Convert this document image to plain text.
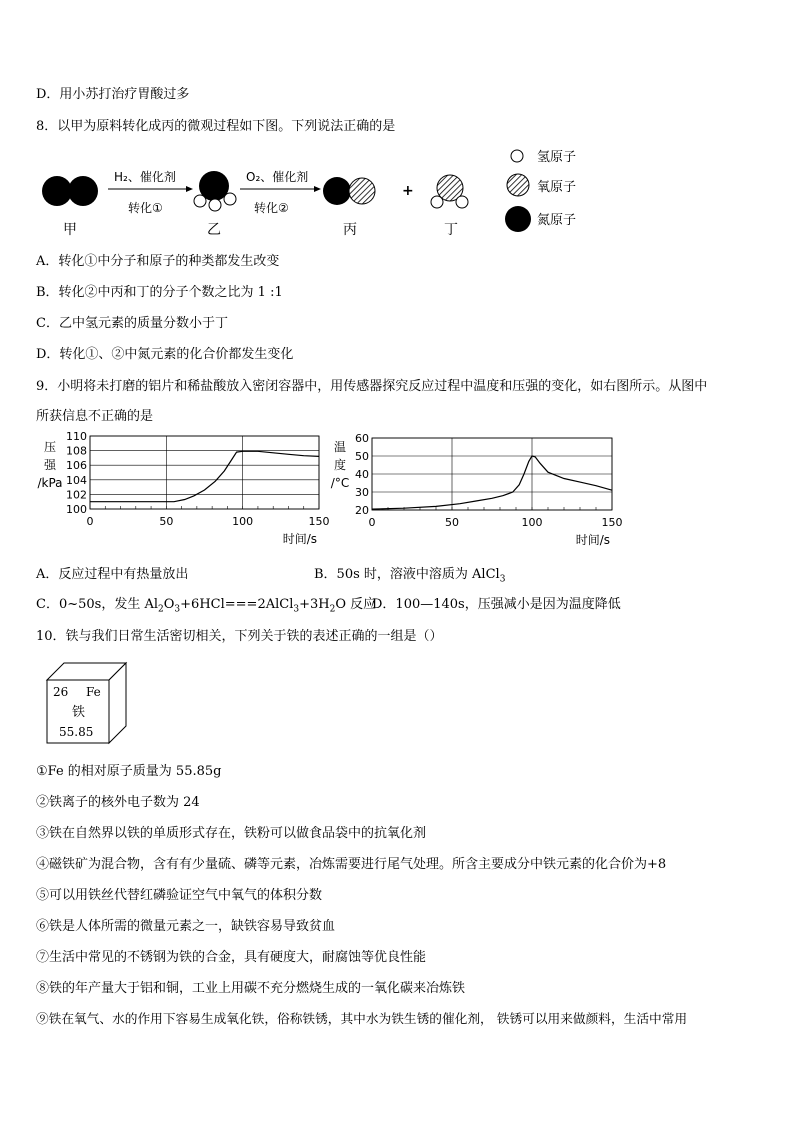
D．用小苏打治疗胃酸过多
8．以甲为原料转化成丙的微观过程如下图。下列说法正确的是
H₂、催化剂
转化①
O₂、催化剂
转化②
+
甲	乙	丙	丁
氢原子
氧原子
氮原子
A．转化①中分子和原子的种类都发生改变
B．转化②中丙和丁的分子个数之比为 1 :1
C．乙中氢元素的质量分数小于丁
D．转化①、②中氮元素的化合价都发生变化
9．小明将未打磨的铝片和稀盐酸放入密闭容器中，用传感器探究反应过程中温度和压强的变化，如右图所示。从图中
所获信息不正确的是
压
强
/kPa
100
102
104
106
108
110
0	50	100	150
时间/s
温
度
/°C
20
30
40
50
60
0	50	100	150
时间/s
A．反应过程中有热量放出	B．50s 时，溶液中溶质为 AlCl$_3$
C．0~50s，发生 $Al_2O_3+6HCl===2AlCl_3+3H_2O$ 反应
D．100—140s，压强减小是因为温度降低
10．铁与我们日常生活密切相关，下列关于铁的表述正确的一组是（）
26 Fe
铁
55.85
①Fe 的相对原子质量为 55.85g
②铁离子的核外电子数为 24
③铁在自然界以铁的单质形式存在，铁粉可以做食品袋中的抗氧化剂
④磁铁矿为混合物，含有有少量硫、磷等元素，冶炼需要进行尾气处理。所含主要成分中铁元素的化合价为+8
⑤可以用铁丝代替红磷验证空气中氧气的体积分数
⑥铁是人体所需的微量元素之一，缺铁容易导致贫血
⑦生活中常见的不锈钢为铁的合金，具有硬度大，耐腐蚀等优良性能
⑧铁的年产量大于铝和铜，工业上用碳不充分燃烧生成的一氧化碳来冶炼铁
⑨铁在氧气、水的作用下容易生成氧化铁，俗称铁锈，其中水为铁生锈的催化剂， 铁锈可以用来做颜料，生活中常用
